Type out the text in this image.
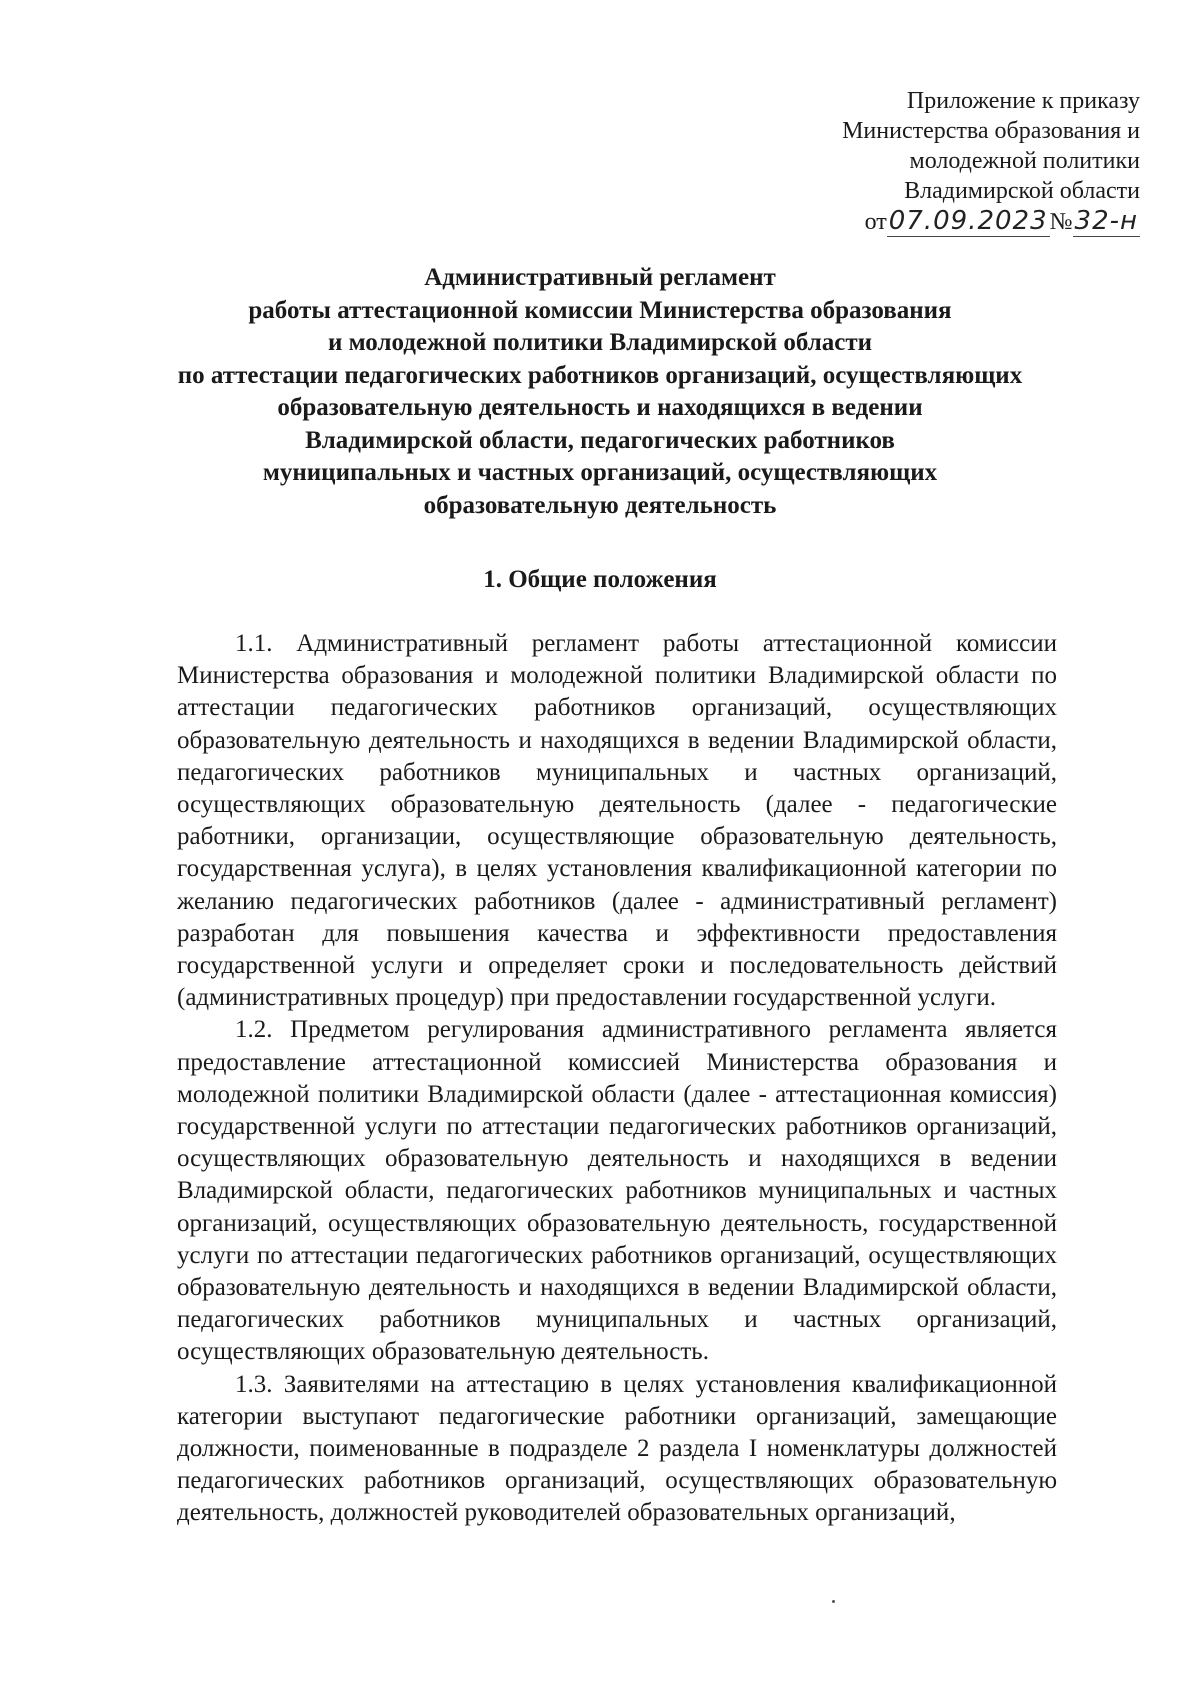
Приложение к приказу
Министерства образования и
молодежной политики
Владимирской области
от07.09.2023№32-н
Административный регламент
работы аттестационной комиссии Министерства образования
и молодежной политики Владимирской области
по аттестации педагогических работников организаций, осуществляющих
образовательную деятельность и находящихся в ведении
Владимирской области, педагогических работников
муниципальных и частных организаций, осуществляющих
образовательную деятельность
1. Общие положения

1.1. Административный регламент работы аттестационной комиссии Министерства образования и молодежной политики Владимирской области по аттестации педагогических работников организаций, осуществляющих образовательную деятельность и находящихся в ведении Владимирской области, педагогических работников муниципальных и частных организаций, осуществляющих образовательную деятельность (далее - педагогические работники, организации, осуществляющие образовательную деятельность, государственная услуга), в целях установления квалификационной категории по желанию педагогических работников (далее - административный регламент) разработан для повышения качества и эффективности предоставления государственной услуги и определяет сроки и последовательность действий (административных процедур) при предоставлении государственной услуги.

1.2. Предметом регулирования административного регламента является предоставление аттестационной комиссией Министерства образования и молодежной политики Владимирской области (далее - аттестационная комиссия) государственной услуги по аттестации педагогических работников организаций, осуществляющих образовательную деятельность и находящихся в ведении Владимирской области, педагогических работников муниципальных и частных организаций, осуществляющих образовательную деятельность, государственной услуги по аттестации педагогических работников организаций, осуществляющих образовательную деятельность и находящихся в ведении Владимирской области, педагогических работников муниципальных и частных организаций, осуществляющих образовательную деятельность.

1.3. Заявителями на аттестацию в целях установления квалификационной категории выступают педагогические работники организаций, замещающие должности, поименованные в подразделе 2 раздела I номенклатуры должностей педагогических работников организаций, осуществляющих образовательную деятельность, должностей руководителей образовательных организаций,
